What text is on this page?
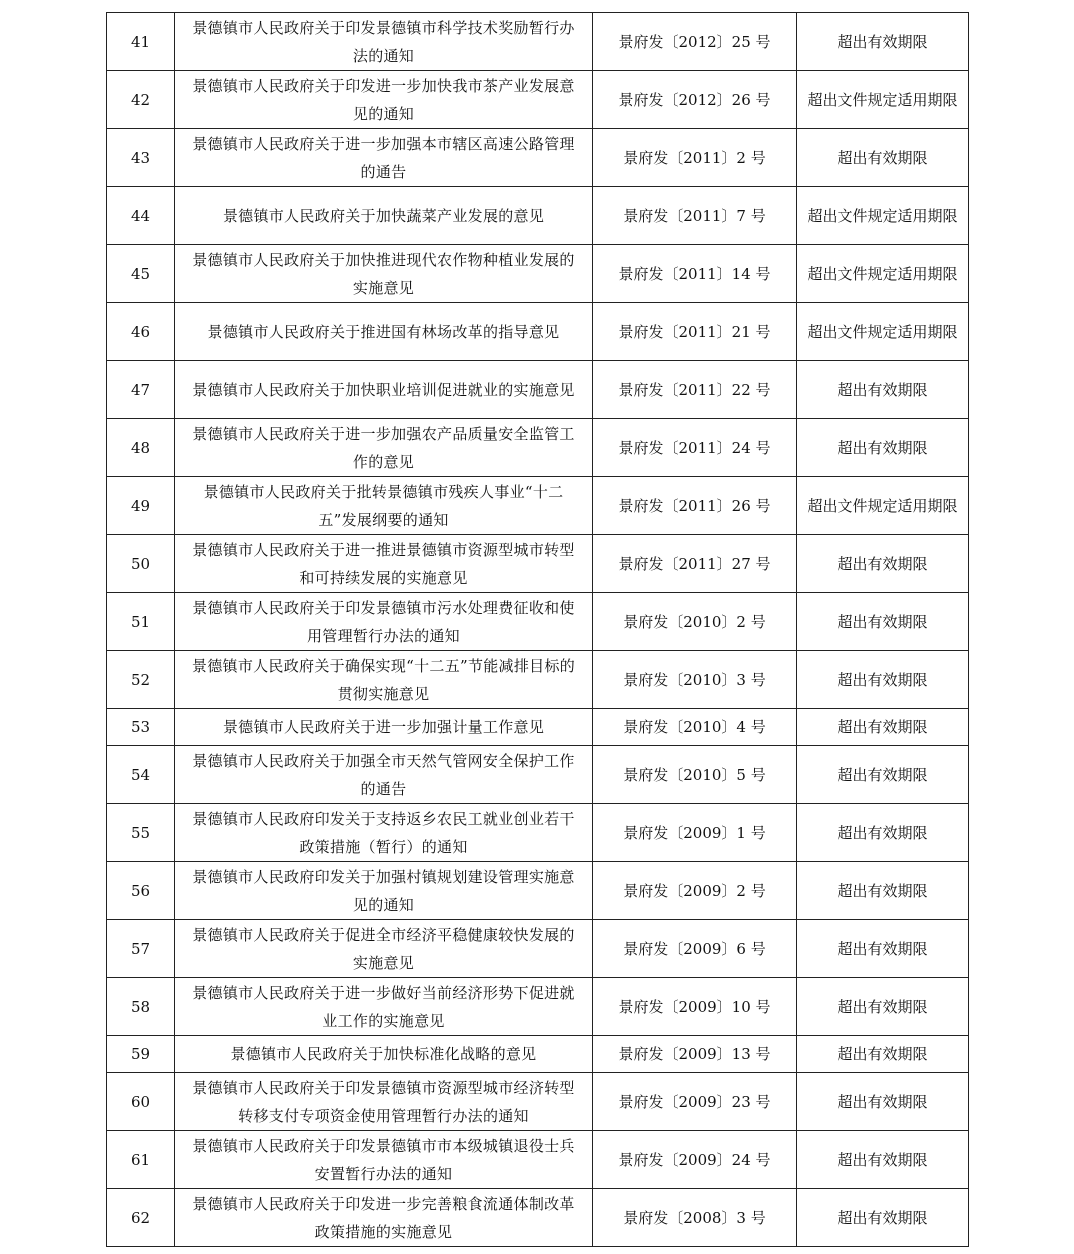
41	景德镇市人民政府关于印发景德镇市科学技术奖励暂行办法的通知	景府发〔2012〕25 号	超出有效期限
42	景德镇市人民政府关于印发进一步加快我市茶产业发展意见的通知	景府发〔2012〕26 号	超出文件规定适用期限
43	景德镇市人民政府关于进一步加强本市辖区高速公路管理的通告	景府发〔2011〕2 号	超出有效期限
44	景德镇市人民政府关于加快蔬菜产业发展的意见	景府发〔2011〕7 号	超出文件规定适用期限
45	景德镇市人民政府关于加快推进现代农作物种植业发展的实施意见	景府发〔2011〕14 号	超出文件规定适用期限
46	景德镇市人民政府关于推进国有林场改革的指导意见	景府发〔2011〕21 号	超出文件规定适用期限
47	景德镇市人民政府关于加快职业培训促进就业的实施意见	景府发〔2011〕22 号	超出有效期限
48	景德镇市人民政府关于进一步加强农产品质量安全监管工作的意见	景府发〔2011〕24 号	超出有效期限
49	景德镇市人民政府关于批转景德镇市残疾人事业“十二五”发展纲要的通知	景府发〔2011〕26 号	超出文件规定适用期限
50	景德镇市人民政府关于进一推进景德镇市资源型城市转型和可持续发展的实施意见	景府发〔2011〕27 号	超出有效期限
51	景德镇市人民政府关于印发景德镇市污水处理费征收和使用管理暂行办法的通知	景府发〔2010〕2 号	超出有效期限
52	景德镇市人民政府关于确保实现“十二五”节能减排目标的贯彻实施意见	景府发〔2010〕3 号	超出有效期限
53	景德镇市人民政府关于进一步加强计量工作意见	景府发〔2010〕4 号	超出有效期限
54	景德镇市人民政府关于加强全市天然气管网安全保护工作的通告	景府发〔2010〕5 号	超出有效期限
55	景德镇市人民政府印发关于支持返乡农民工就业创业若干政策措施（暂行）的通知	景府发〔2009〕1 号	超出有效期限
56	景德镇市人民政府印发关于加强村镇规划建设管理实施意见的通知	景府发〔2009〕2 号	超出有效期限
57	景德镇市人民政府关于促进全市经济平稳健康较快发展的实施意见	景府发〔2009〕6 号	超出有效期限
58	景德镇市人民政府关于进一步做好当前经济形势下促进就业工作的实施意见	景府发〔2009〕10 号	超出有效期限
59	景德镇市人民政府关于加快标准化战略的意见	景府发〔2009〕13 号	超出有效期限
60	景德镇市人民政府关于印发景德镇市资源型城市经济转型转移支付专项资金使用管理暂行办法的通知	景府发〔2009〕23 号	超出有效期限
61	景德镇市人民政府关于印发景德镇市市本级城镇退役士兵安置暂行办法的通知	景府发〔2009〕24 号	超出有效期限
62	景德镇市人民政府关于印发进一步完善粮食流通体制改革政策措施的实施意见	景府发〔2008〕3 号	超出有效期限
